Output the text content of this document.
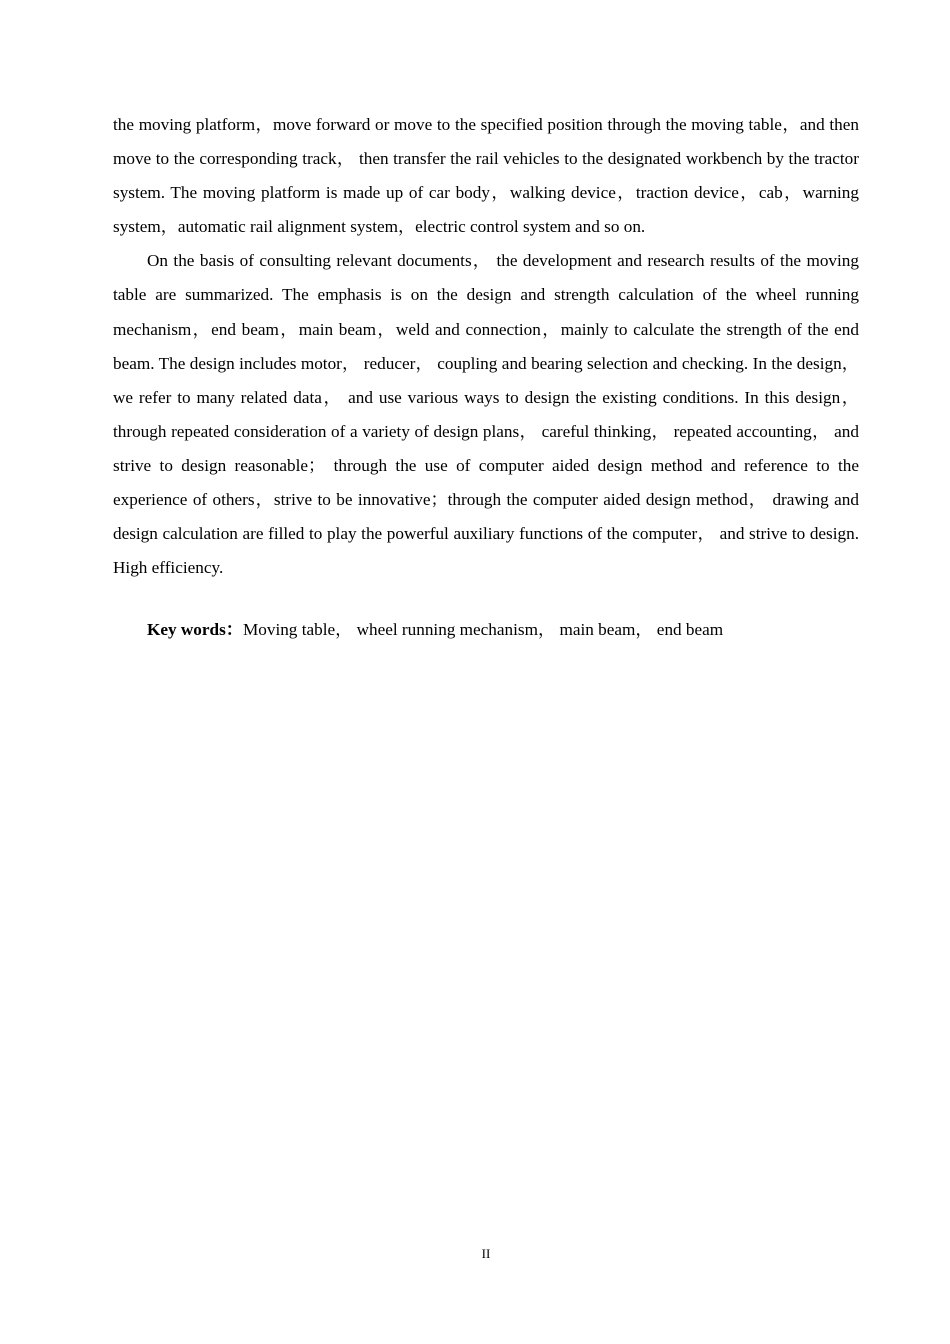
the moving platform，move forward or move to the specified position through the moving table，and then move to the corresponding track， then transfer the rail vehicles to the designated workbench by the tractor system. The moving platform is made up of car body，walking device，traction device，cab，warning system，automatic rail alignment system，electric control system and so on.

On the basis of consulting relevant documents， the development and research results of the moving table are summarized. The emphasis is on the design and strength calculation of the wheel running mechanism，end beam，main beam，weld and connection，mainly to calculate the strength of the end beam. The design includes motor， reducer， coupling and bearing selection and checking. In the design， we refer to many related data， and use various ways to design the existing conditions. In this design， through repeated consideration of a variety of design plans， careful thinking， repeated accounting， and strive to design reasonable； through the use of computer aided design method and reference to the experience of others，strive to be innovative；through the computer aided design method， drawing and design calculation are filled to play the powerful auxiliary functions of the computer， and strive to design. High efficiency.

Key words：Moving table， wheel running mechanism， main beam， end beam

II
